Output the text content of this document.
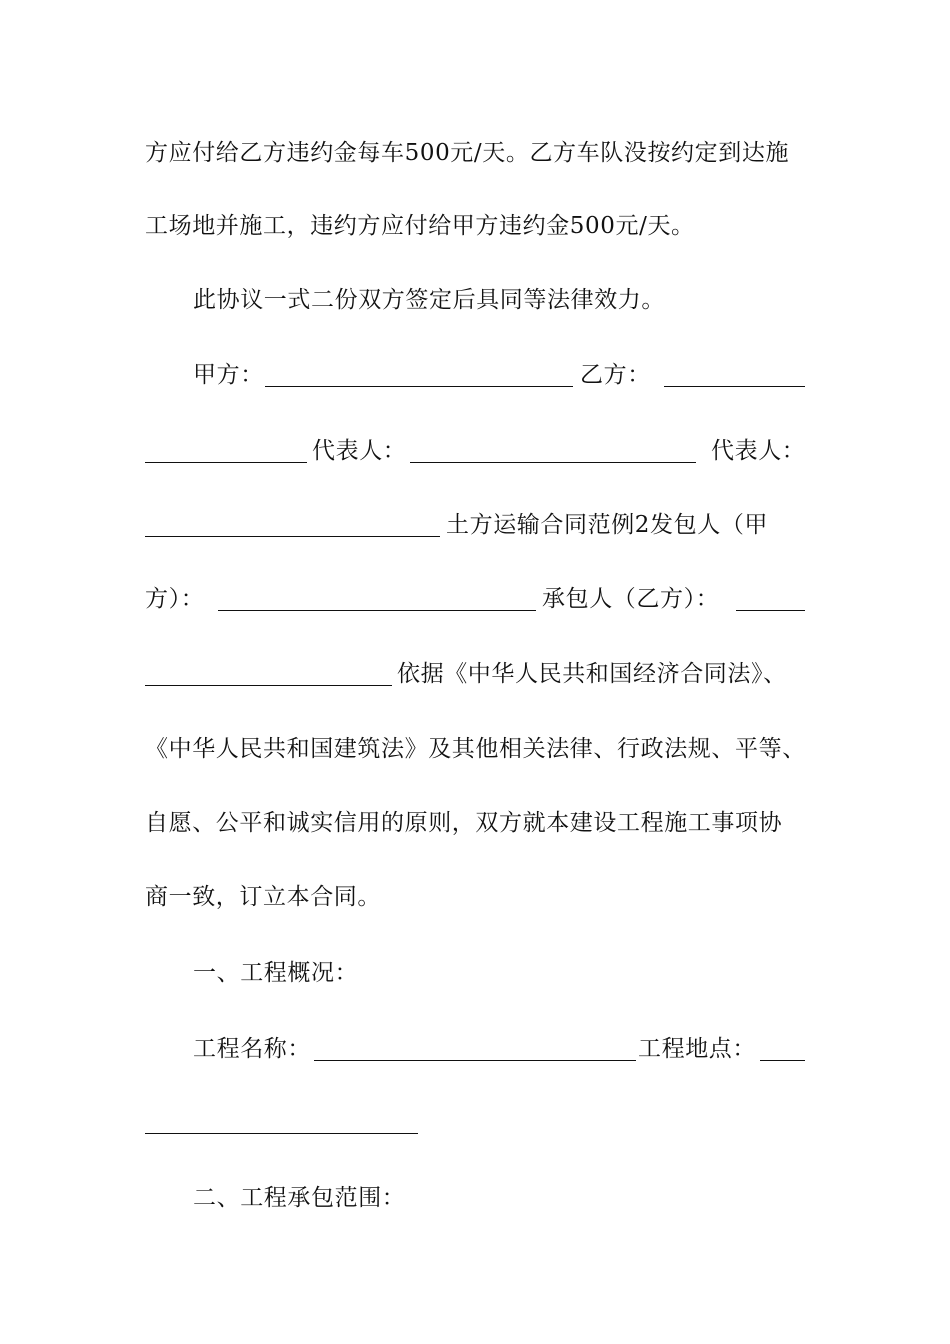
方应付给乙方违约金每车500元/天。乙方车队没按约定到达施
工场地并施工，违约方应付给甲方违约金500元/天。
此协议一式二份双方签定后具同等法律效力。
甲方：	乙方：
代表人：	代表人：
土方运输合同范例2发包人（甲
方）：	承包人（乙方）：
依据《中华人民共和国经济合同法》、
《中华人民共和国建筑法》及其他相关法律、行政法规、平等、
自愿、公平和诚实信用的原则，双方就本建设工程施工事项协
商一致，订立本合同。
一、工程概况：
工程名称：	工程地点：
二、工程承包范围：
